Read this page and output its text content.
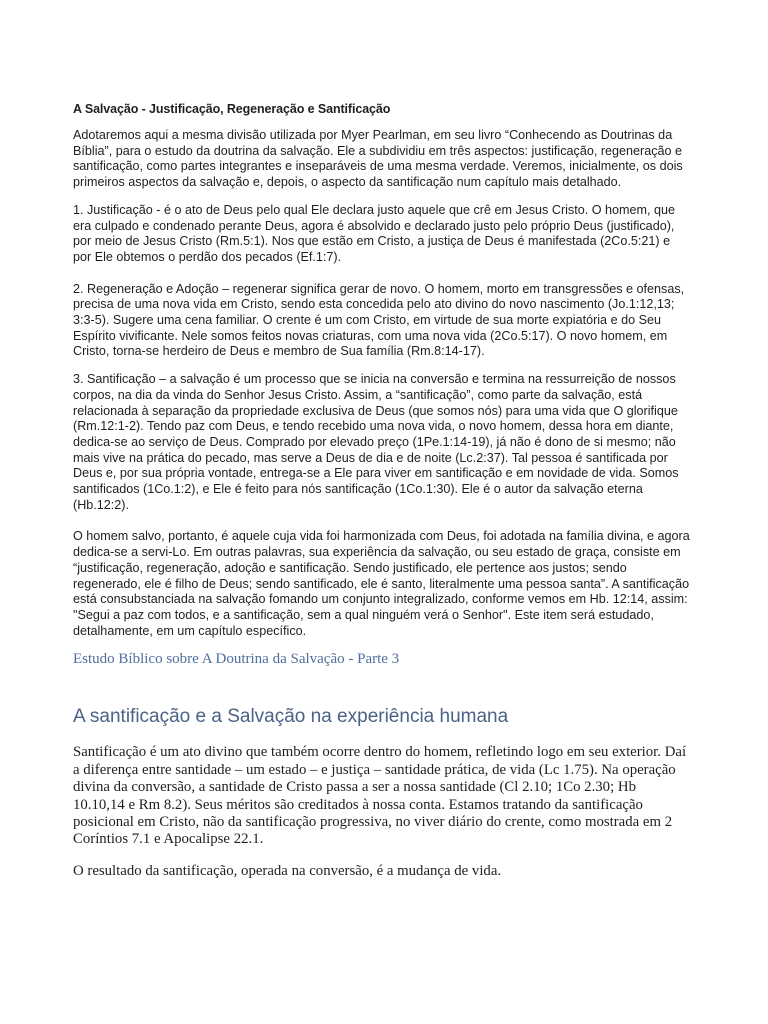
A Salvação - Justificação, Regeneração e Santificação

Adotaremos aqui a mesma divisão utilizada por Myer Pearlman, em seu livro “Conhecendo as Doutrinas da Bíblia”, para o estudo da doutrina da salvação. Ele a subdividiu em três aspectos: justificação, regeneração e santificação, como partes integrantes e inseparáveis de uma mesma verdade. Veremos, inicialmente, os dois primeiros aspectos da salvação e, depois, o aspecto da santificação num capítulo mais detalhado.

1. Justificação - é o ato de Deus pelo qual Ele declara justo aquele que crê em Jesus Cristo. O homem, que era culpado e condenado perante Deus, agora é absolvido e declarado justo pelo próprio Deus (justificado), por meio de Jesus Cristo (Rm.5:1). Nos que estão em Cristo, a justiça de Deus é manifestada (2Co.5:21) e por Ele obtemos o perdão dos pecados (Ef.1:7).

2. Regeneração e Adoção – regenerar significa gerar de novo. O homem, morto em transgressões e ofensas, precisa de uma nova vida em Cristo, sendo esta concedida pelo ato divino do novo nascimento (Jo.1:12,13; 3:3-5). Sugere uma cena familiar. O crente é um com Cristo, em virtude de sua morte expiatória e do Seu Espírito vivificante. Nele somos feitos novas criaturas, com uma nova vida (2Co.5:17). O novo homem, em Cristo, torna-se herdeiro de Deus e membro de Sua família (Rm.8:14-17).

3. Santificação – a salvação é um processo que se inicia na conversão e termina na ressurreição de nossos corpos, na dia da vinda do Senhor Jesus Cristo. Assim, a “santificação”, como parte da salvação, está relacionada à separação da propriedade exclusiva de Deus (que somos nós) para uma vida que O glorifique (Rm.12:1-2). Tendo paz com Deus, e tendo recebido uma nova vida, o novo homem, dessa hora em diante, dedica-se ao serviço de Deus. Comprado por elevado preço (1Pe.1:14-19), já não é dono de si mesmo; não mais vive na prática do pecado, mas serve a Deus de dia e de noite (Lc.2:37). Tal pessoa é santificada por Deus e, por sua própria vontade, entrega-se a Ele para viver em santificação e em novidade de vida. Somos santificados (1Co.1:2), e Ele é feito para nós santificação (1Co.1:30). Ele é o autor da salvação eterna (Hb.12:2).

O homem salvo, portanto, é aquele cuja vida foi harmonizada com Deus, foi adotada na família divina, e agora dedica-se a servi-Lo. Em outras palavras, sua experiência da salvação, ou seu estado de graça, consiste em “justificação, regeneração, adoção e santificação. Sendo justificado, ele pertence aos justos; sendo regenerado, ele é filho de Deus; sendo santificado, ele é santo, literalmente uma pessoa santa”. A santificação está consubstanciada na salvação fomando um conjunto integralizado, conforme vemos em Hb. 12:14, assim: "Segui a paz com todos, e a santificação, sem a qual ninguém verá o Senhor". Este item será estudado, detalhamente, em um capítulo específico.

Estudo Bíblico sobre A Doutrina da Salvação - Parte 3
A santificação e a Salvação na experiência humana

Santificação é um ato divino que também ocorre dentro do homem, refletindo logo em seu exterior. Daí a diferença entre santidade – um estado – e justiça – santidade prática, de vida (Lc 1.75). Na operação divina da conversão, a santidade de Cristo passa a ser a nossa santidade (Cl 2.10; 1Co 2.30; Hb 10.10,14 e Rm 8.2). Seus méritos são creditados à nossa conta. Estamos tratando da santificação posicional em Cristo, não da santificação progressiva, no viver diário do crente, como mostrada em 2 Coríntios 7.1 e Apocalipse 22.1.

O resultado da santificação, operada na conversão, é a mudança de vida.
